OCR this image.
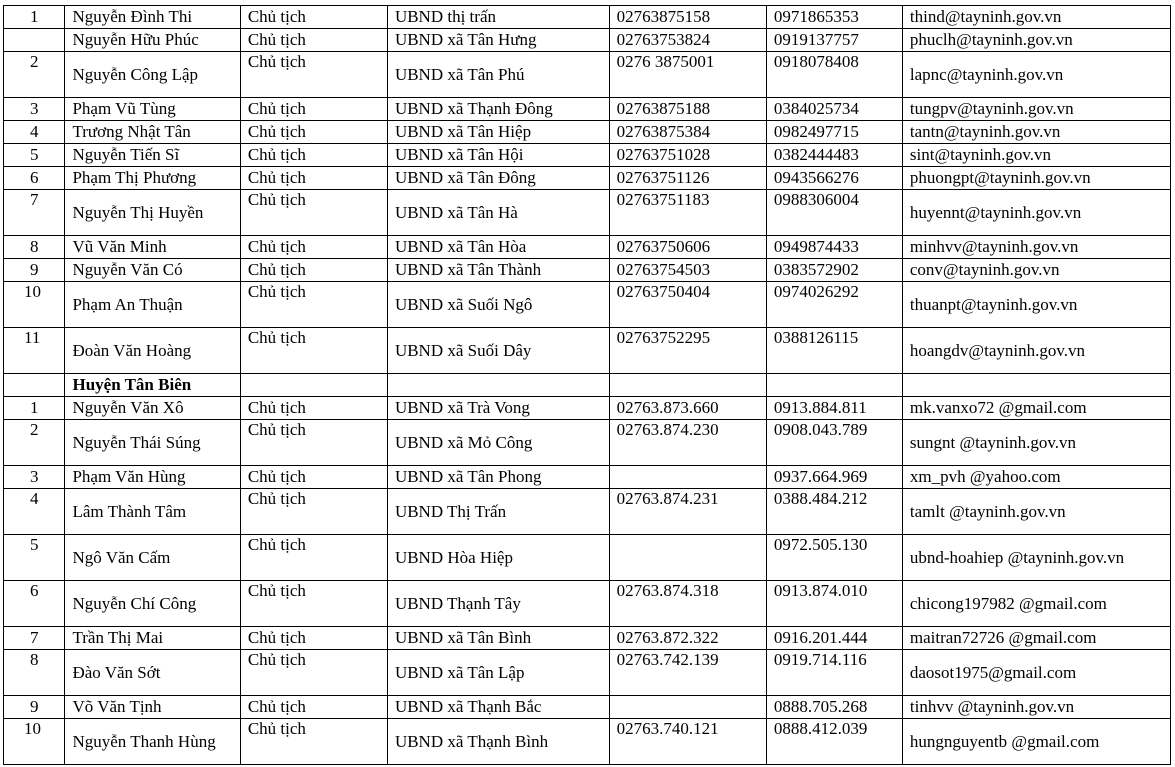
1	Nguyễn Đình Thi	Chủ tịch	UBND thị trấn	02763875158	0971865353	thind@tayninh.gov.vn
	Nguyễn Hữu Phúc	Chủ tịch	UBND xã Tân Hưng	02763753824	0919137757	phuclh@tayninh.gov.vn
2	Nguyễn Công Lập	Chủ tịch	UBND xã Tân Phú	0276 3875001	0918078408	lapnc@tayninh.gov.vn
3	Phạm Vũ Tùng	Chủ tịch	UBND xã Thạnh Đông	02763875188	0384025734	tungpv@tayninh.gov.vn
4	Trương Nhật Tân	Chủ tịch	UBND xã Tân Hiệp	02763875384	0982497715	tantn@tayninh.gov.vn
5	Nguyễn Tiến Sĩ	Chủ tịch	UBND xã Tân Hội	02763751028	0382444483	sint@tayninh.gov.vn
6	Phạm Thị Phương	Chủ tịch	UBND xã Tân Đông	02763751126	0943566276	phuongpt@tayninh.gov.vn
7	Nguyễn Thị Huyền	Chủ tịch	UBND xã Tân Hà	02763751183	0988306004	huyennt@tayninh.gov.vn
8	Vũ Văn Minh	Chủ tịch	UBND xã Tân Hòa	02763750606	0949874433	minhvv@tayninh.gov.vn
9	Nguyễn Văn Có	Chủ tịch	UBND xã Tân Thành	02763754503	0383572902	conv@tayninh.gov.vn
10	Phạm An Thuận	Chủ tịch	UBND xã Suối Ngô	02763750404	0974026292	thuanpt@tayninh.gov.vn
11	Đoàn Văn Hoàng	Chủ tịch	UBND xã Suối Dây	02763752295	0388126115	hoangdv@tayninh.gov.vn
	Huyện Tân Biên					
1	Nguyễn Văn Xô	Chủ tịch	UBND xã Trà Vong	02763.873.660	0913.884.811	mk.vanxo72 @gmail.com
2	Nguyễn Thái Súng	Chủ tịch	UBND xã Mỏ Công	02763.874.230	0908.043.789	sungnt @tayninh.gov.vn
3	Phạm Văn Hùng	Chủ tịch	UBND xã Tân Phong		0937.664.969	xm_pvh @yahoo.com
4	Lâm Thành Tâm	Chủ tịch	UBND Thị Trấn	02763.874.231	0388.484.212	tamlt @tayninh.gov.vn
5	Ngô Văn Cấm	Chủ tịch	UBND Hòa Hiệp		0972.505.130	ubnd-hoahiep @tayninh.gov.vn
6	Nguyễn Chí Công	Chủ tịch	UBND Thạnh Tây	02763.874.318	0913.874.010	chicong197982 @gmail.com
7	Trần Thị Mai	Chủ tịch	UBND xã Tân Bình	02763.872.322	0916.201.444	maitran72726 @gmail.com
8	Đào Văn Sớt	Chủ tịch	UBND xã Tân Lập	02763.742.139	0919.714.116	daosot1975@gmail.com
9	Võ Văn Tịnh	Chủ tịch	UBND xã Thạnh Bắc		0888.705.268	tinhvv @tayninh.gov.vn
10	Nguyễn Thanh Hùng	Chủ tịch	UBND xã Thạnh Bình	02763.740.121	0888.412.039	hungnguyentb @gmail.com
